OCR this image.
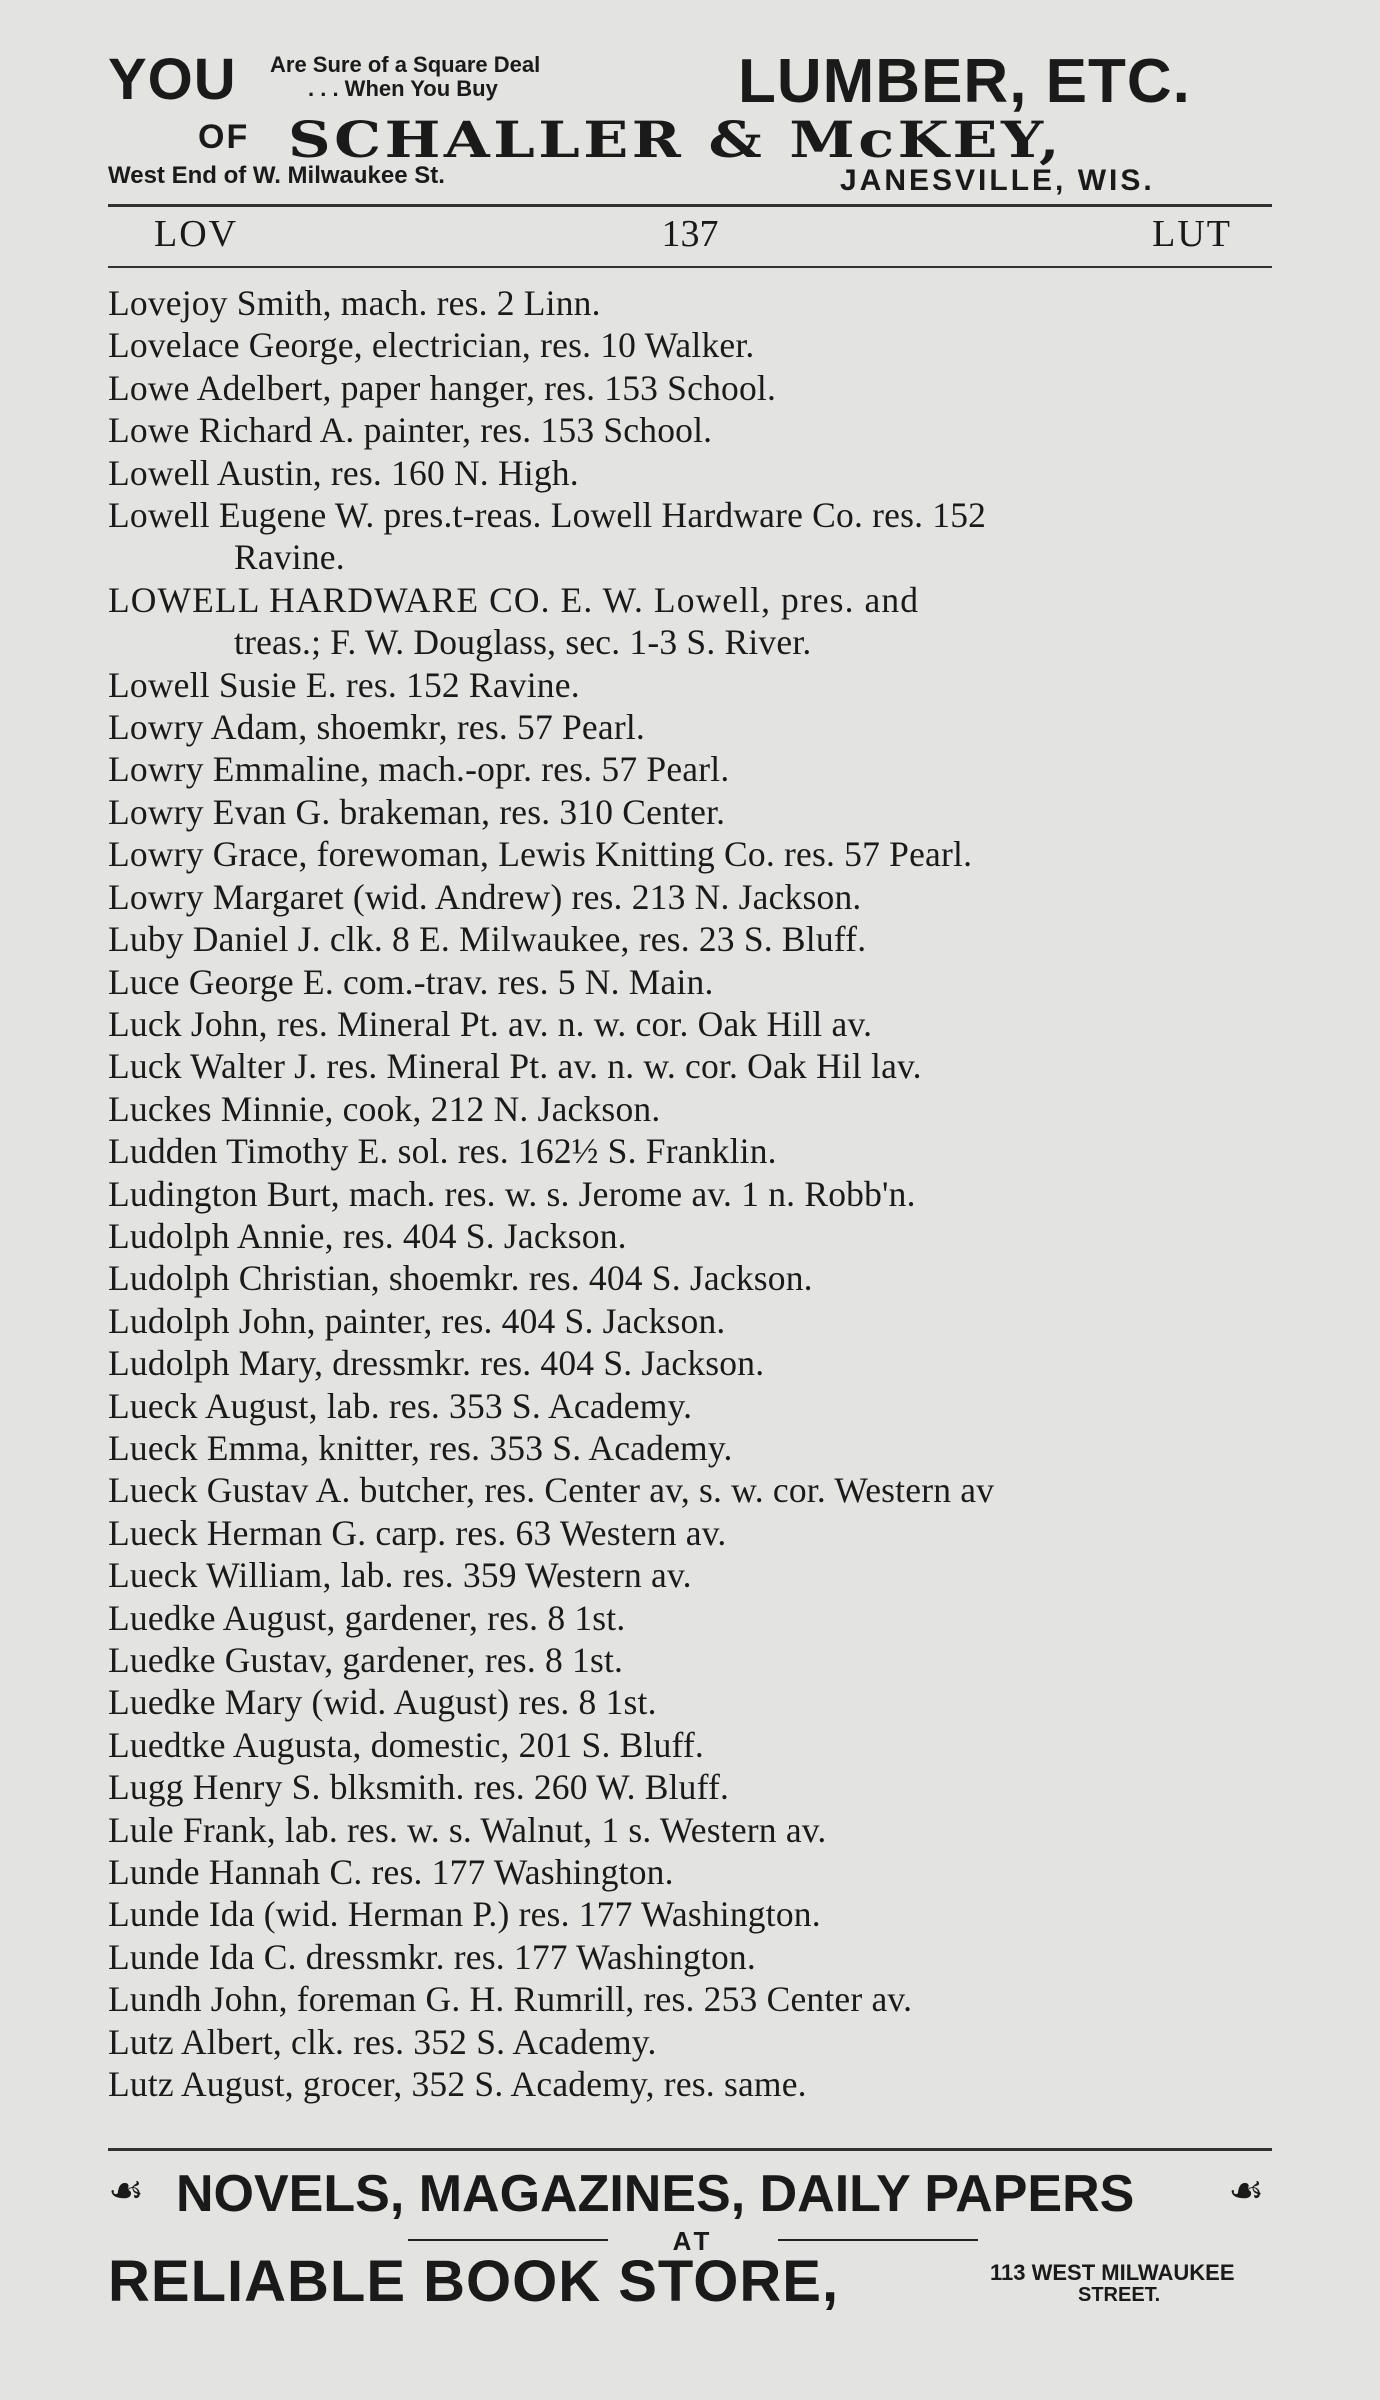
YOU Are Sure of a Square Deal
. . . When You Buy	LUMBER, ETC.
OF SCHALLER & McKEY,
West End of W. Milwaukee St.	JANESVILLE, WIS.
LOV	137	LUT
Lovejoy Smith, mach. res. 2 Linn.
Lovelace George, electrician, res. 10 Walker.
Lowe Adelbert, paper hanger, res. 153 School.
Lowe Richard A. painter, res. 153 School.
Lowell Austin, res. 160 N. High.
Lowell Eugene W. pres.t-reas. Lowell Hardware Co. res. 152
Ravine.
LOWELL HARDWARE CO. E. W. Lowell, pres. and
treas.; F. W. Douglass, sec. 1-3 S. River.
Lowell Susie E. res. 152 Ravine.
Lowry Adam, shoemkr, res. 57 Pearl.
Lowry Emmaline, mach.-opr. res. 57 Pearl.
Lowry Evan G. brakeman, res. 310 Center.
Lowry Grace, forewoman, Lewis Knitting Co. res. 57 Pearl.
Lowry Margaret (wid. Andrew) res. 213 N. Jackson.
Luby Daniel J. clk. 8 E. Milwaukee, res. 23 S. Bluff.
Luce George E. com.-trav. res. 5 N. Main.
Luck John, res. Mineral Pt. av. n. w. cor. Oak Hill av.
Luck Walter J. res. Mineral Pt. av. n. w. cor. Oak Hil lav.
Luckes Minnie, cook, 212 N. Jackson.
Ludden Timothy E. sol. res. 162½ S. Franklin.
Ludington Burt, mach. res. w. s. Jerome av. 1 n. Robb'n.
Ludolph Annie, res. 404 S. Jackson.
Ludolph Christian, shoemkr. res. 404 S. Jackson.
Ludolph John, painter, res. 404 S. Jackson.
Ludolph Mary, dressmkr. res. 404 S. Jackson.
Lueck August, lab. res. 353 S. Academy.
Lueck Emma, knitter, res. 353 S. Academy.
Lueck Gustav A. butcher, res. Center av, s. w. cor. Western av
Lueck Herman G. carp. res. 63 Western av.
Lueck William, lab. res. 359 Western av.
Luedke August, gardener, res. 8 1st.
Luedke Gustav, gardener, res. 8 1st.
Luedke Mary (wid. August) res. 8 1st.
Luedtke Augusta, domestic, 201 S. Bluff.
Lugg Henry S. blksmith. res. 260 W. Bluff.
Lule Frank, lab. res. w. s. Walnut, 1 s. Western av.
Lunde Hannah C. res. 177 Washington.
Lunde Ida (wid. Herman P.) res. 177 Washington.
Lunde Ida C. dressmkr. res. 177 Washington.
Lundh John, foreman G. H. Rumrill, res. 253 Center av.
Lutz Albert, clk. res. 352 S. Academy.
Lutz August, grocer, 352 S. Academy, res. same.
☙ NOVELS, MAGAZINES, DAILY PAPERS ☙
AT
RELIABLE BOOK STORE,	113 WEST MILWAUKEE
STREET.
